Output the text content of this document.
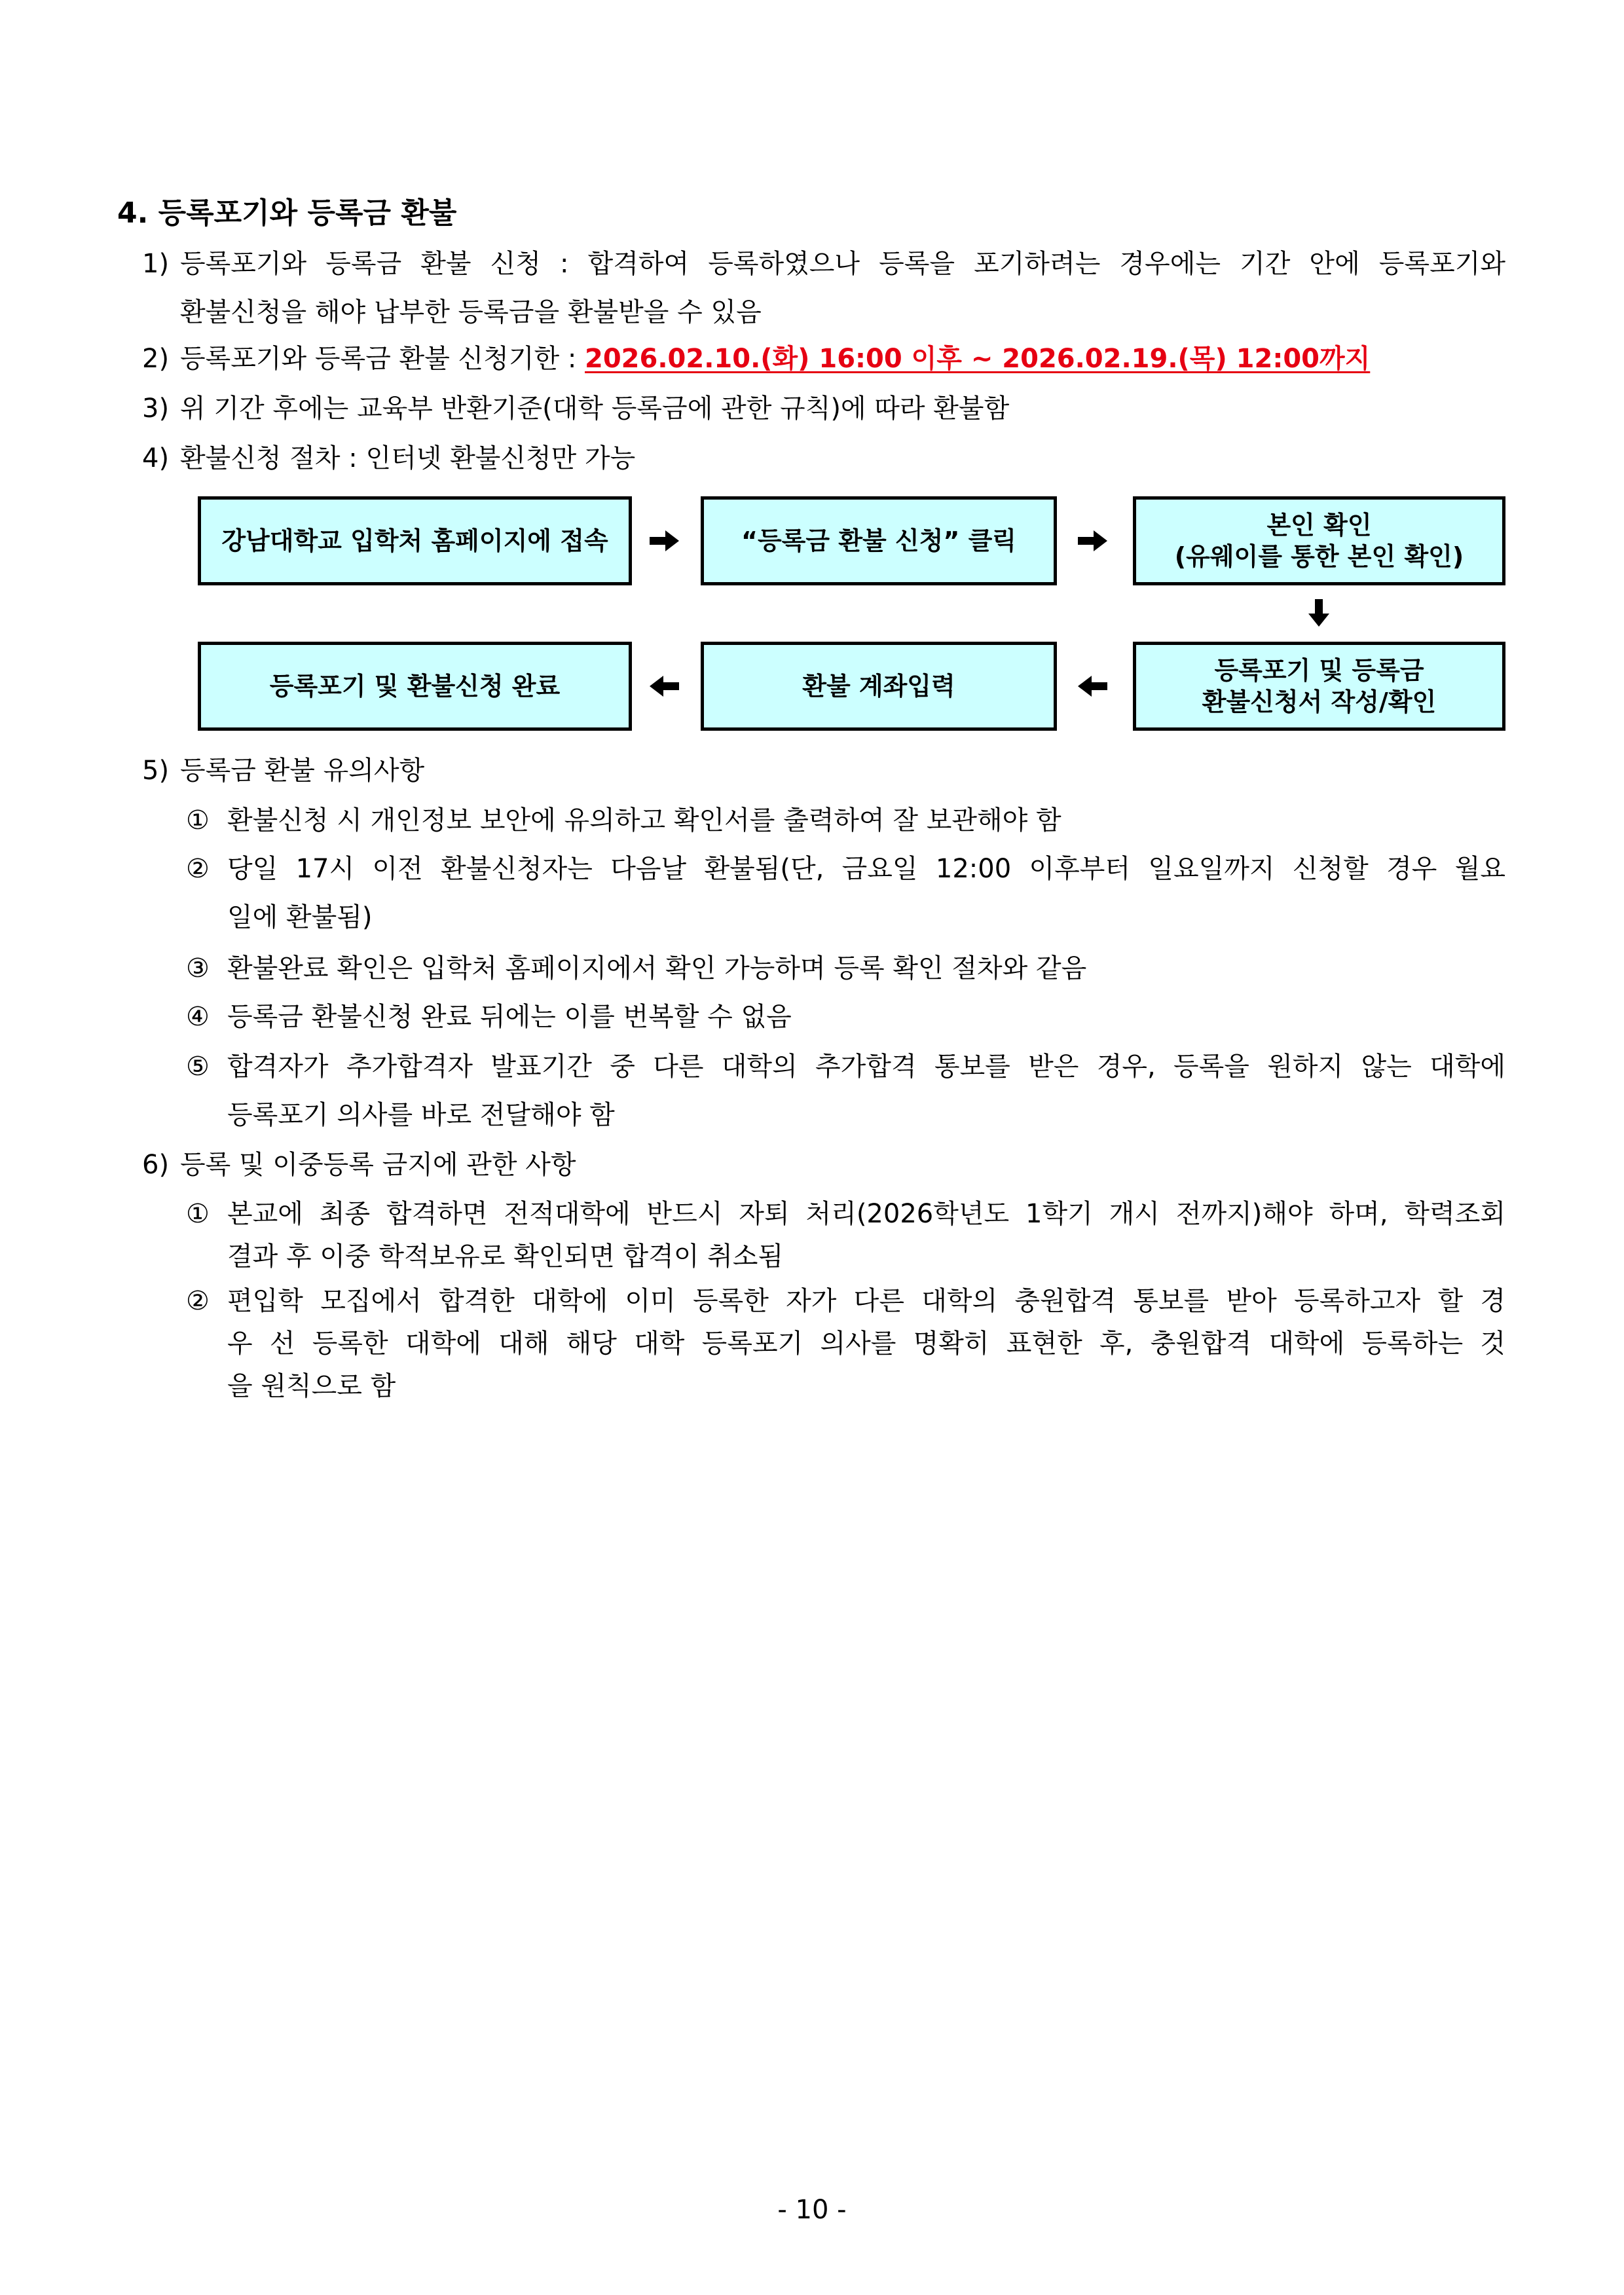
4. 등록포기와 등록금 환불
1) 등록포기와 등록금 환불 신청 : 합격하여 등록하였으나 등록을 포기하려는 경우에는 기간 안에 등록포기와
환불신청을 해야 납부한 등록금을 환불받을 수 있음
2) 등록포기와 등록금 환불 신청기한 : 2026.02.10.(화) 16:00 이후 ~ 2026.02.19.(목) 12:00까지
3) 위 기간 후에는 교육부 반환기준(대학 등록금에 관한 규칙)에 따라 환불함
4) 환불신청 절차 : 인터넷 환불신청만 가능
강남대학교 입학처 홈페이지에 접속	“등록금 환불 신청” 클릭
본인 확인
(유웨이를 통한 본인 확인)
등록포기 및 환불신청 완료	환불 계좌입력
등록포기 및 등록금
환불신청서 작성/확인
5) 등록금 환불 유의사항
① 환불신청 시 개인정보 보안에 유의하고 확인서를 출력하여 잘 보관해야 함
② 당일 17시 이전 환불신청자는 다음날 환불됨(단, 금요일 12:00 이후부터 일요일까지 신청할 경우 월요
일에 환불됨)
③ 환불완료 확인은 입학처 홈페이지에서 확인 가능하며 등록 확인 절차와 같음
④ 등록금 환불신청 완료 뒤에는 이를 번복할 수 없음
⑤ 합격자가 추가합격자 발표기간 중 다른 대학의 추가합격 통보를 받은 경우, 등록을 원하지 않는 대학에
등록포기 의사를 바로 전달해야 함
6) 등록 및 이중등록 금지에 관한 사항
① 본교에 최종 합격하면 전적대학에 반드시 자퇴 처리(2026학년도 1학기 개시 전까지)해야 하며, 학력조회
결과 후 이중 학적보유로 확인되면 합격이 취소됨
② 편입학 모집에서 합격한 대학에 이미 등록한 자가 다른 대학의 충원합격 통보를 받아 등록하고자 할 경
우 선 등록한 대학에 대해 해당 대학 등록포기 의사를 명확히 표현한 후, 충원합격 대학에 등록하는 것
을 원칙으로 함
- 10 -
